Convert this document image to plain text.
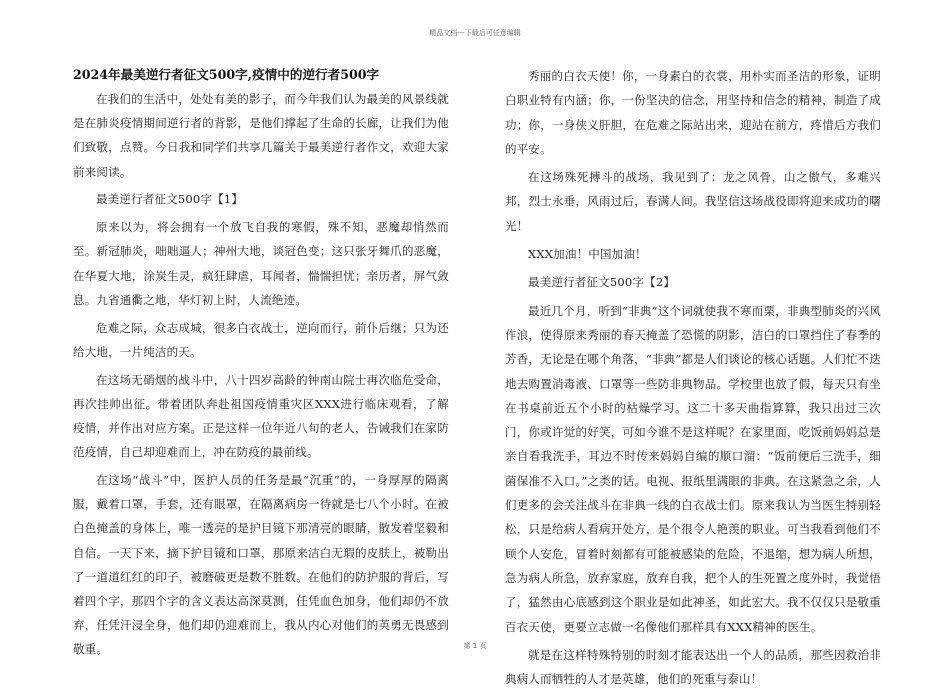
精品文档---下载后可任意编辑
2024年最美逆行者征文500字,疫情中的逆行者500字

在我们的生活中，处处有美的影子，而今年我们认为最美的风景线就是在肺炎疫情期间逆行者的背影，是他们撑起了生命的长廊，让我们为他们致敬，点赞。今日我和同学们共享几篇关于最美逆行者作文，欢迎大家前来阅读。

最美逆行者征文500字【1】

原来以为，将会拥有一个放飞自我的寒假，殊不知，恶魔却悄然而至。新冠肺炎，咄咄逼人；神州大地，谈冠色变；这只张牙舞爪的恶魔，在华夏大地，涂炭生灵，疯狂肆虐，耳闻者，惴惴担忧；亲历者，屏气敛息。九省通衢之地，华灯初上时，人流绝迹。

危难之际，众志成城，很多白衣战士，逆向而行，前仆后继；只为还给大地，一片纯洁的天。

在这场无硝烟的战斗中，八十四岁高龄的钟南山院士再次临危受命，再次挂帅出征。带着团队奔赴祖国疫情重灾区XXX进行临床观看，了解疫情，并作出对应方案。正是这样一位年近八旬的老人，告诫我们在家防范疫情，自己却迎难而上，冲在防疫的最前线。

在这场“战斗”中，医护人员的任务是最“沉重”的，一身厚厚的隔离服，戴着口罩，手套，还有眼罩，在隔离病房一待就是七八个小时。在被白色掩盖的身体上，唯一透亮的是护目镜下那清亮的眼睛，散发着坚毅和自信。一天下来，摘下护目镜和口罩，那原来洁白无瑕的皮肤上，被勒出了一道道红红的印子，被磨破更是数不胜数。在他们的防护服的背后，写着四个字，那四个字的含义表达高深莫测，任凭血色加身，他们却仍不放弃，任凭汗浸全身，他们却仍迎难而上，我从内心对他们的英勇无畏感到敬重。

秀丽的白衣天使！你，一身素白的衣裳，用朴实而圣洁的形象，证明白职业特有内涵；你，一份坚决的信念，用坚持和信念的精神，制造了成功；你，一身侠义肝胆，在危难之际站出来，迎站在前方，疼惜后方我们的平安。

在这场殊死搏斗的战场，我见到了：龙之风骨，山之傲气，多难兴邦，烈士永垂，风雨过后，春满人间。我坚信这场战役即将迎来成功的曙光！

XXX加油！中国加油！

最美逆行者征文500字【2】

最近几个月，听到“非典”这个词就使我不寒而栗，非典型肺炎的兴风作浪，使得原来秀丽的春天掩盖了恐慌的阴影，洁白的口罩挡住了春季的芳香，无论是在哪个角落，“非典”都是人们谈论的核心话题。人们忙不迭地去购置消毒液、口罩等一些防非典物品。学校里也放了假，每天只有坐在书桌前近五个小时的枯燥学习。这二十多天曲指算算，我只出过三次门，你或许觉的好笑，可如今谁不是这样呢？在家里面，吃饭前妈妈总是亲自看我洗手，耳边不时传来妈妈自编的顺口溜：“饭前便后三洗手，细菌保准不入口。”之类的话。电视、报纸里满眼的非典。在这紧急之余，人们更多的会关注战斗在非典一线的白衣战士们。原来我认为当医生特别轻松，只是给病人看病开处方，是个很令人艳羡的职业。可当我看到他们不顾个人安危，冒着时刻都有可能被感染的危险，不退缩，想为病人所想，急为病人所急，放弃家庭，放弃自我，把个人的生死置之度外时，我觉悟了，猛然由心底感到这个职业是如此神圣，如此宏大。我不仅仅只是敬重百衣天使，更要立志做一名像他们那样具有XXX精神的医生。

就是在这样特殊特别的时刻才能表达出一个人的品质，那些因救治非典病人而牺牲的人才是英雄，他们的死重与泰山！

第 1 页
